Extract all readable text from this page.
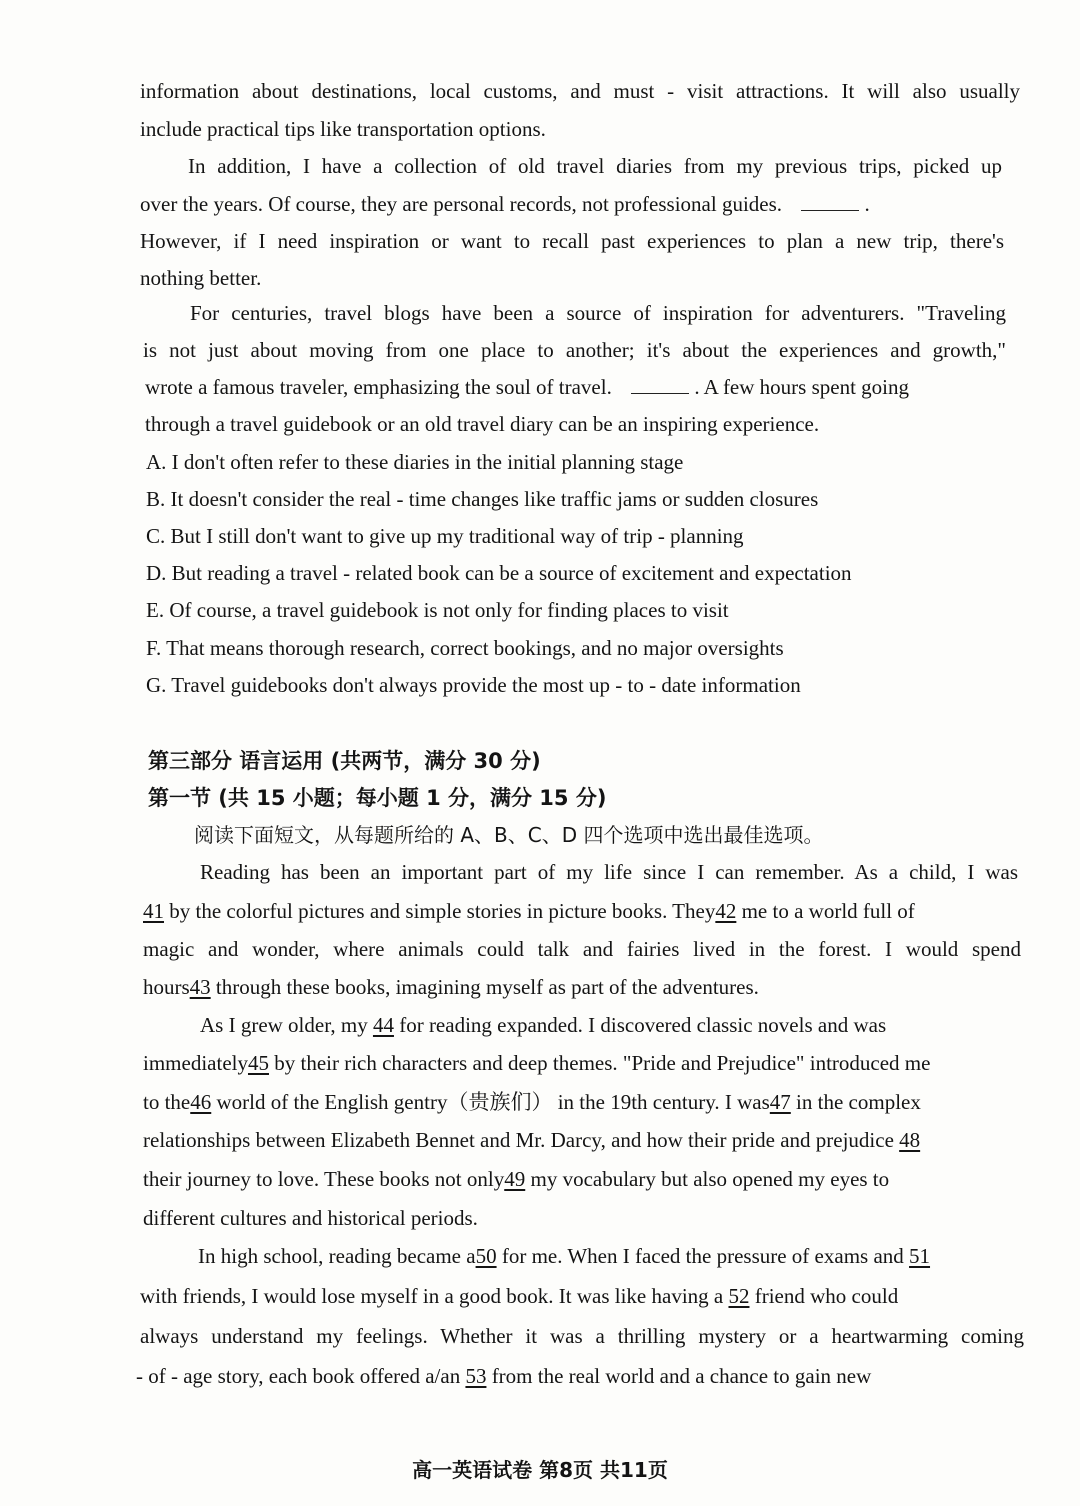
information about destinations, local customs, and must - visit attractions. It will also usually
include practical tips like transportation options.
In addition, I have a collection of old travel diaries from my previous trips, picked up
over the years. Of course, they are personal records, not professional guides.	.
However, if I need inspiration or want to recall past experiences to plan a new trip, there's
nothing better.
For centuries, travel blogs have been a source of inspiration for adventurers. "Traveling
is not just about moving from one place to another; it's about the experiences and growth,"
wrote a famous traveler, emphasizing the soul of travel.	. A few hours spent going
through a travel guidebook or an old travel diary can be an inspiring experience.
A. I don't often refer to these diaries in the initial planning stage
B. It doesn't consider the real - time changes like traffic jams or sudden closures
C. But I still don't want to give up my traditional way of trip - planning
D. But reading a travel - related book can be a source of excitement and expectation
E. Of course, a travel guidebook is not only for finding places to visit
F. That means thorough research, correct bookings, and no major oversights
G. Travel guidebooks don't always provide the most up - to - date information
第三部分 语言运用 (共两节，满分 30 分)
第一节 (共 15 小题；每小题 1 分，满分 15 分)
阅读下面短文，从每题所给的 A、B、C、D 四个选项中选出最佳选项。
Reading has been an important part of my life since I can remember. As a child, I was
41 by the colorful pictures and simple stories in picture books. They42 me to a world full of
magic and wonder, where animals could talk and fairies lived in the forest. I would spend
hours43 through these books, imagining myself as part of the adventures.
As I grew older, my 44 for reading expanded. I discovered classic novels and was
immediately45 by their rich characters and deep themes. "Pride and Prejudice" introduced me
to the46 world of the English gentry（贵族们） in the 19th century. I was47 in the complex
relationships between Elizabeth Bennet and Mr. Darcy, and how their pride and prejudice 48
their journey to love. These books not only49 my vocabulary but also opened my eyes to
different cultures and historical periods.
In high school, reading became a50 for me. When I faced the pressure of exams and 51
with friends, I would lose myself in a good book. It was like having a 52 friend who could
always understand my feelings. Whether it was a thrilling mystery or a heartwarming coming
- of - age story, each book offered a/an 53 from the real world and a chance to gain new
高一英语试卷 第8页 共11页
